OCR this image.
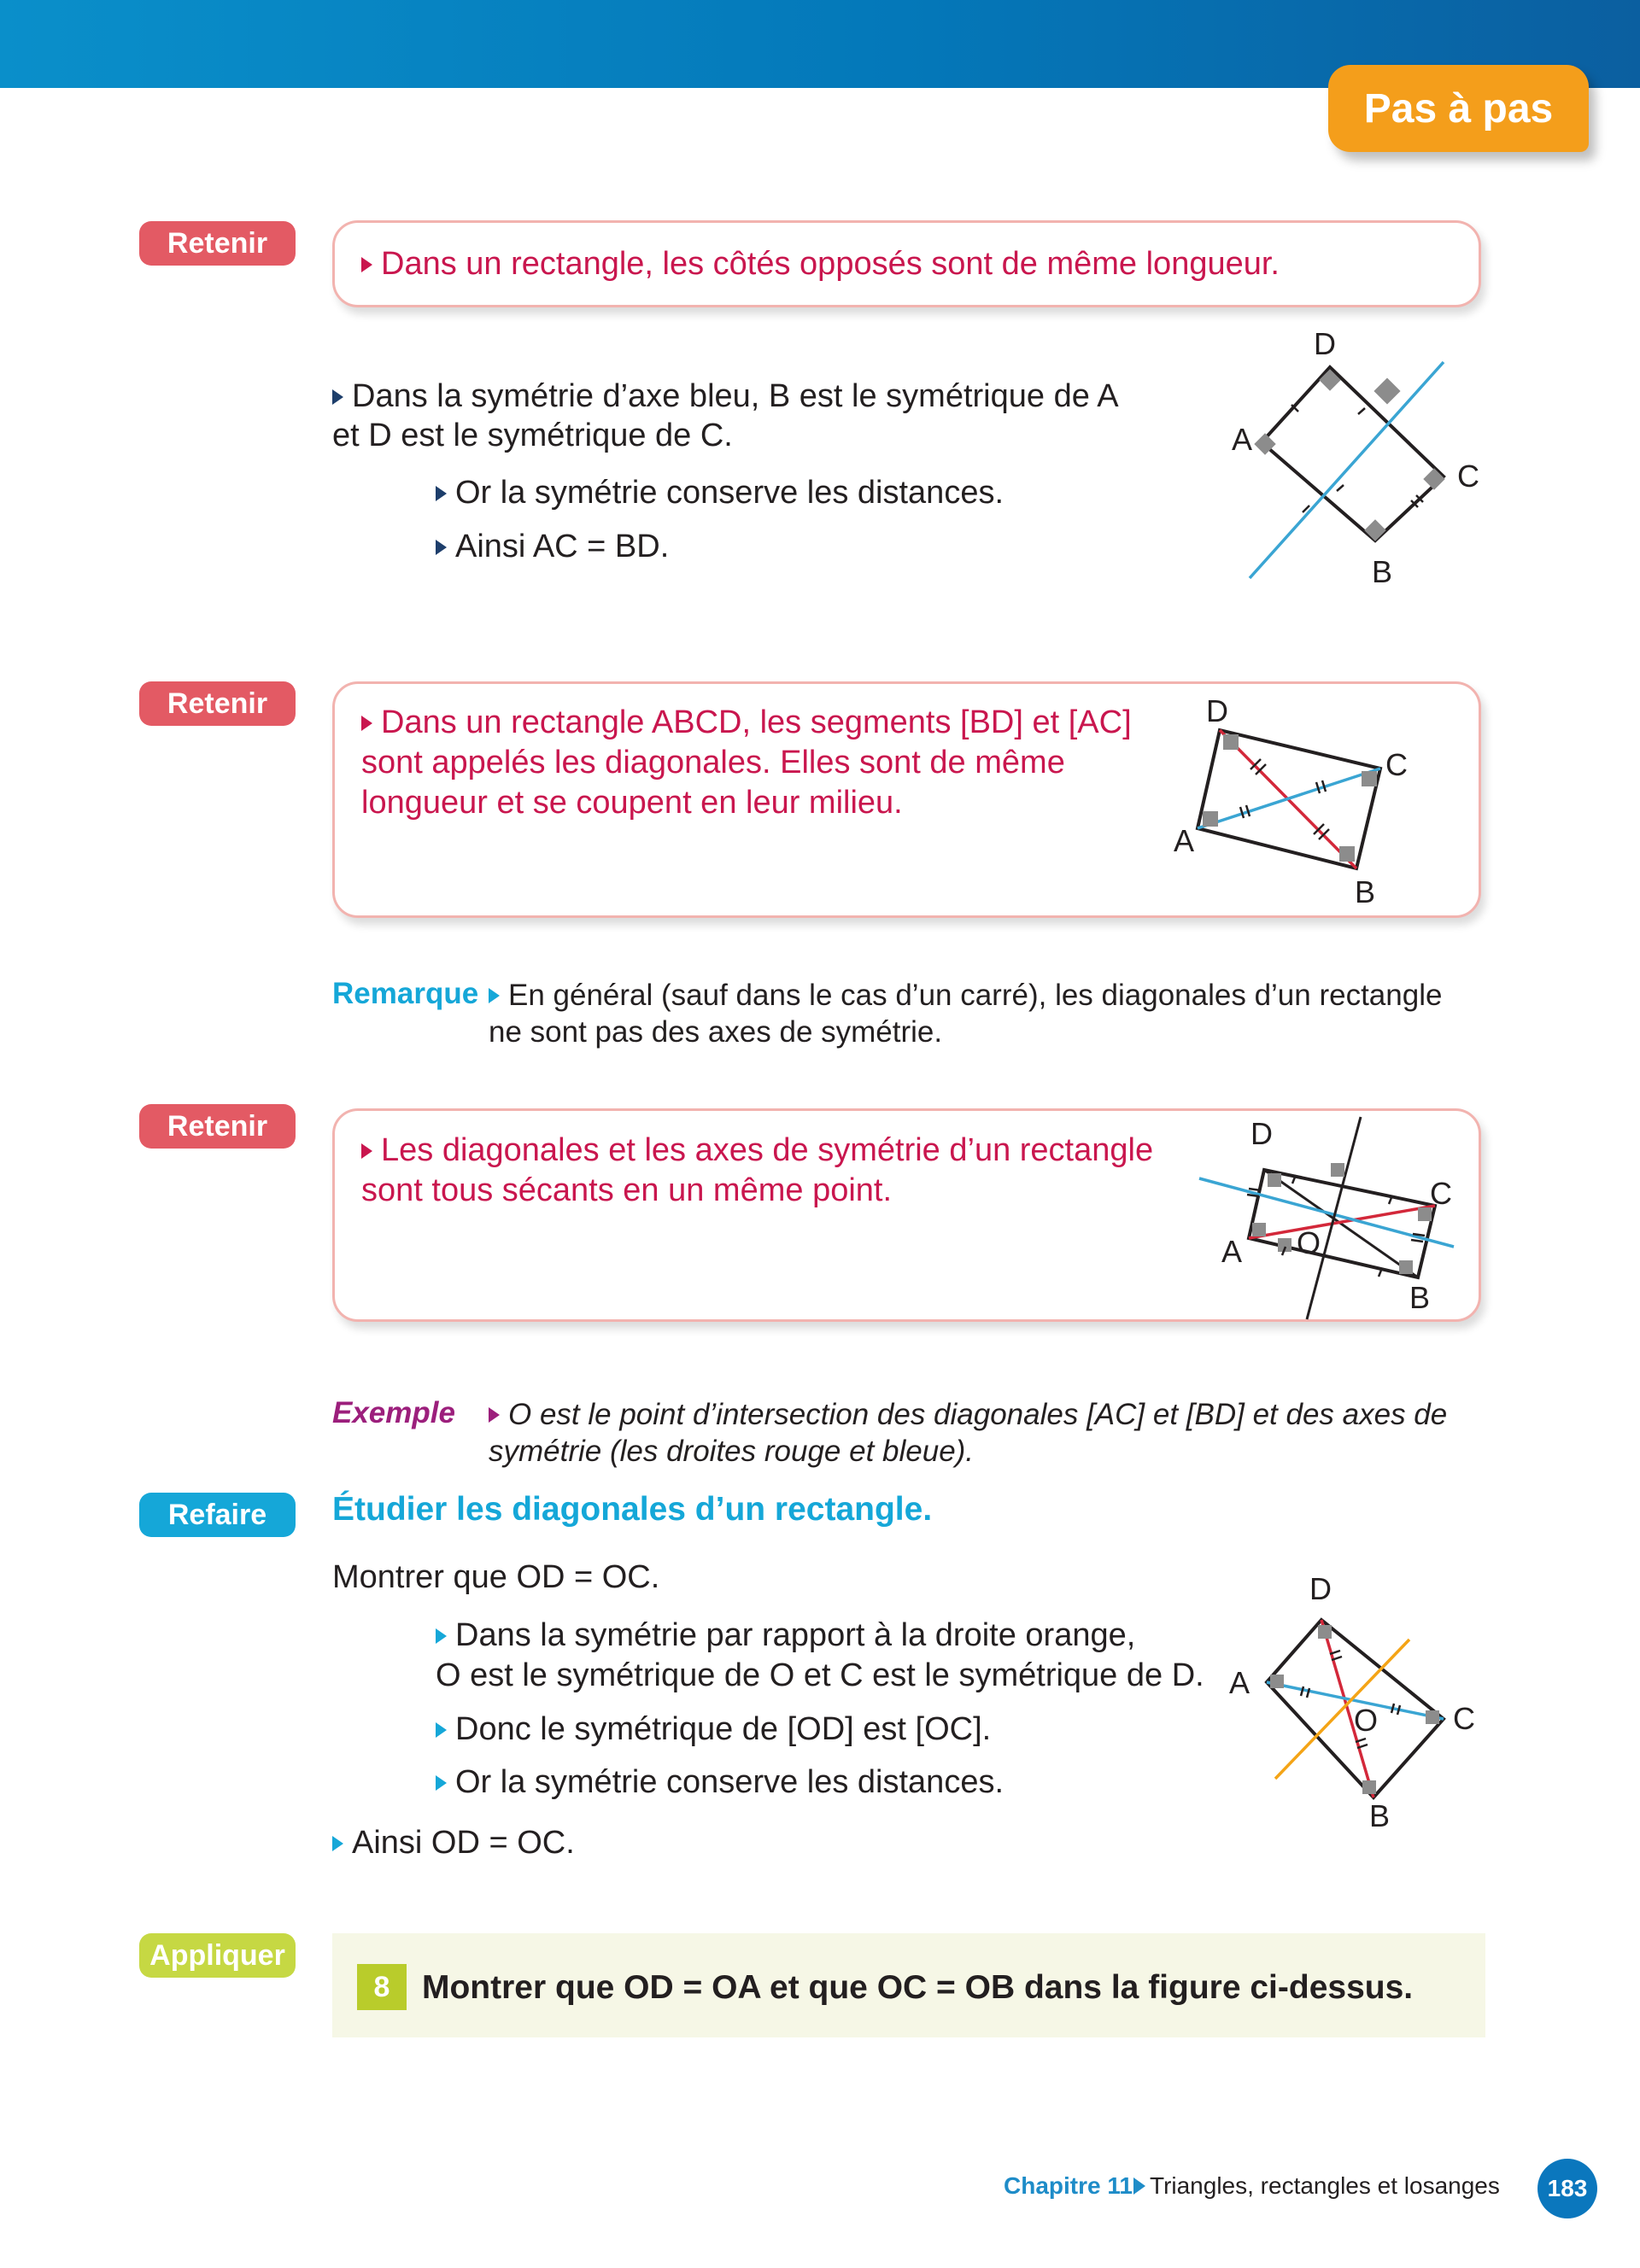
Pas à pas
Retenir
Dans un rectangle, les côtés opposés sont de même longueur.
Dans la symétrie d’axe bleu, B est le symétrique de A
et D est le symétrique de C.
Or la symétrie conserve les distances.
Ainsi AC = BD.
D
A
C
B
Retenir
Dans un rectangle ABCD, les segments [BD] et [AC]
sont appelés les diagonales. Elles sont de même
longueur et se coupent en leur milieu.
D
C
A
B
Remarque En général (sauf dans le cas d’un carré), les diagonales d’un rectangle
ne sont pas des axes de symétrie.
Retenir
Les diagonales et les axes de symétrie d’un rectangle
sont tous sécants en un même point.
D
C
A O
B
Exemple	O est le point d’intersection des diagonales [AC] et [BD] et des axes de
symétrie (les droites rouge et bleue).
Refaire	Étudier les diagonales d’un rectangle.
Montrer que OD = OC.
Dans la symétrie par rapport à la droite orange,
O est le symétrique de O et C est le symétrique de D.
Donc le symétrique de [OD] est [OC].
Or la symétrie conserve les distances.
Ainsi OD = OC.
D
A
O C
B
Appliquer
8 Montrer que OD = OA et que OC = OB dans la figure ci-dessus.
Chapitre 11 Triangles, rectangles et losanges	183
